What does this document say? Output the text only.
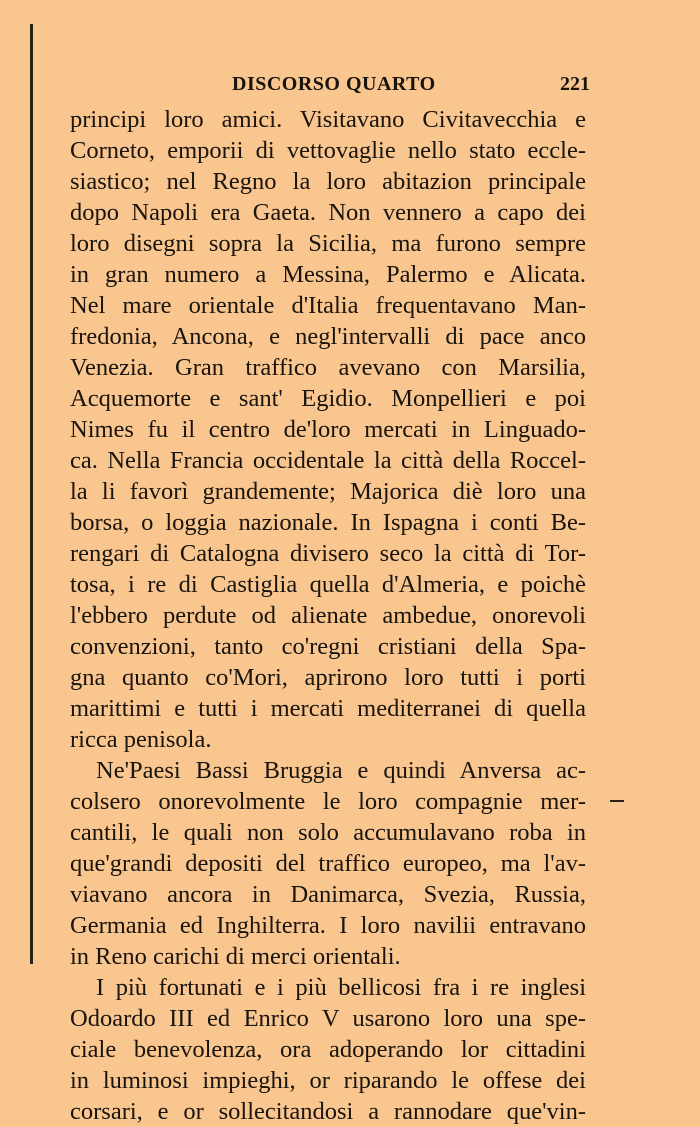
DISCORSO QUARTO	221
principi loro amici. Visitavano Civitavecchia e
Corneto, emporii di vettovaglie nello stato eccle-
siastico; nel Regno la loro abitazion principale
dopo Napoli era Gaeta. Non vennero a capo dei
loro disegni sopra la Sicilia, ma furono sempre
in gran numero a Messina, Palermo e Alicata.
Nel mare orientale d'Italia frequentavano Man-
fredonia, Ancona, e negl'intervalli di pace anco
Venezia. Gran traffico avevano con Marsilia,
Acquemorte e sant' Egidio. Monpellieri e poi
Nimes fu il centro de'loro mercati in Linguado-
ca. Nella Francia occidentale la città della Roccel-
la li favorì grandemente; Majorica diè loro una
borsa, o loggia nazionale. In Ispagna i conti Be-
rengari di Catalogna divisero seco la città di Tor-
tosa, i re di Castiglia quella d'Almeria, e poichè
l'ebbero perdute od alienate ambedue, onorevoli
convenzioni, tanto co'regni cristiani della Spa-
gna quanto co'Mori, aprirono loro tutti i porti
marittimi e tutti i mercati mediterranei di quella
ricca penisola.
Ne'Paesi Bassi Bruggia e quindi Anversa ac-
colsero onorevolmente le loro compagnie mer-
cantili, le quali non solo accumulavano roba in
que'grandi depositi del traffico europeo, ma l'av-
viavano ancora in Danimarca, Svezia, Russia,
Germania ed Inghilterra. I loro navilii entravano
in Reno carichi di merci orientali.
I più fortunati e i più bellicosi fra i re inglesi
Odoardo III ed Enrico V usarono loro una spe-
ciale benevolenza, ora adoperando lor cittadini
in luminosi impieghi, or riparando le offese dei
corsari, e or sollecitandosi a rannodare que'vin-
